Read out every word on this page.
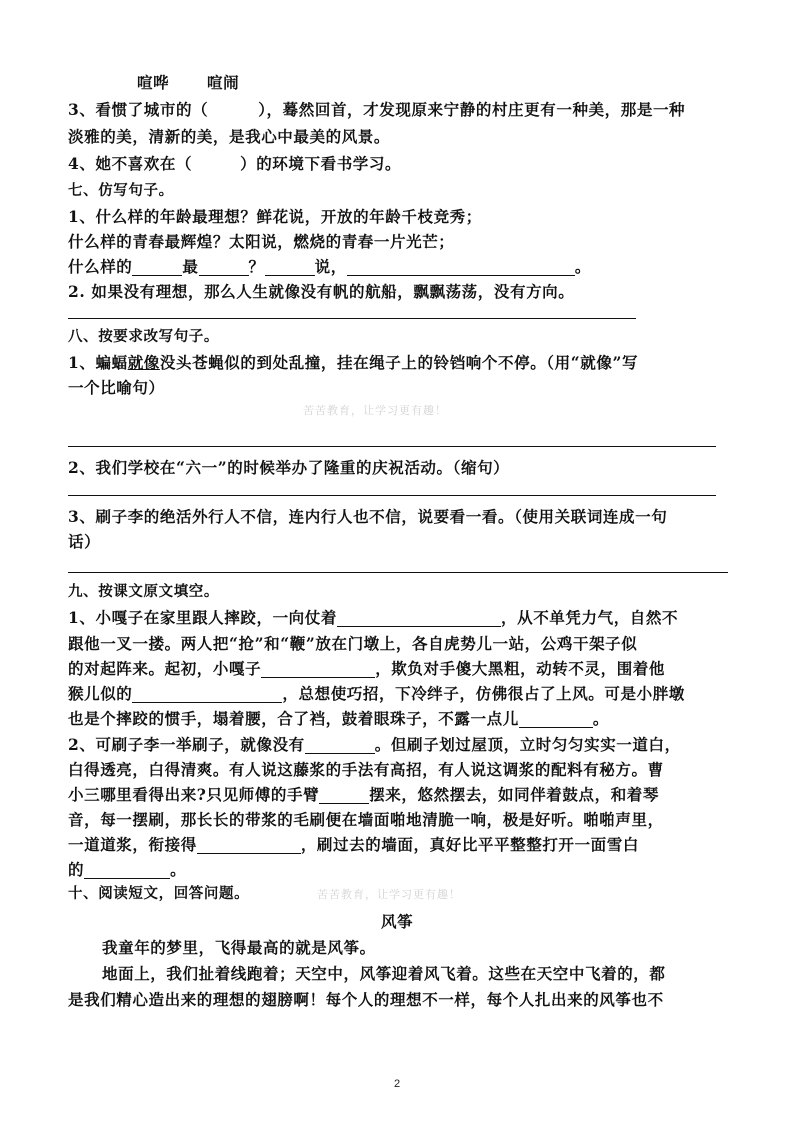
喧哗 喧闹
3、看惯了城市的（	），蓦然回首，才发现原来宁静的村庄更有一种美，那是一种
淡雅的美，清新的美，是我心中最美的风景。
4、她不喜欢在（	）的环境下看书学习。
七、仿写句子。
1、什么样的年龄最理想？鲜花说，开放的年龄千枝竞秀；
什么样的青春最辉煌？太阳说，燃烧的青春一片光芒；
什么样的	最	？	说，	。
2. 如果没有理想，那么人生就像没有帆的航船，飘飘荡荡，没有方向。
八、按要求改写句子。
1、蝙蝠就像没头苍蝇似的到处乱撞，挂在绳子上的铃铛响个不停。（用“就像”写
一个比喻句）
苦苦教育，让学习更有趣！
2、我们学校在“六一”的时候举办了隆重的庆祝活动。（缩句）
3、刷子李的绝活外行人不信，连内行人也不信，说要看一看。（使用关联词连成一句
话）
九、按课文原文填空。
1、小嘎子在家里跟人摔跤，一向仗着	，从不单凭力气，自然不
跟他一叉一搂。两人把“抢”和“鞭”放在门墩上，各自虎势儿一站，公鸡干架子似
的对起阵来。起初，小嘎子	，欺负对手傻大黑粗，动转不灵，围着他
猴儿似的	，总想使巧招，下冷绊子，仿佛很占了上风。可是小胖墩
也是个摔跤的惯手，塌着腰，合了裆，鼓着眼珠子，不露一点儿	。
2、可刷子李一举刷子，就像没有	。但刷子划过屋顶，立时匀匀实实一道白，
白得透亮，白得清爽。有人说这藤浆的手法有高招，有人说这调浆的配料有秘方。曹
小三哪里看得出来?只见师傅的手臂	摆来，悠然摆去，如同伴着鼓点，和着琴
音，每一摆刷，那长长的带浆的毛刷便在墙面啪地清脆一响，极是好听。啪啪声里，
一道道浆，衔接得	，刷过去的墙面，真好比平平整整打开一面雪白
的	。
十、阅读短文，回答问题。	苦苦教育，让学习更有趣！
风筝
我童年的梦里，飞得最高的就是风筝。
地面上，我们扯着线跑着；天空中，风筝迎着风飞着。这些在天空中飞着的，都
是我们精心造出来的理想的翅膀啊！每个人的理想不一样，每个人扎出来的风筝也不
2
